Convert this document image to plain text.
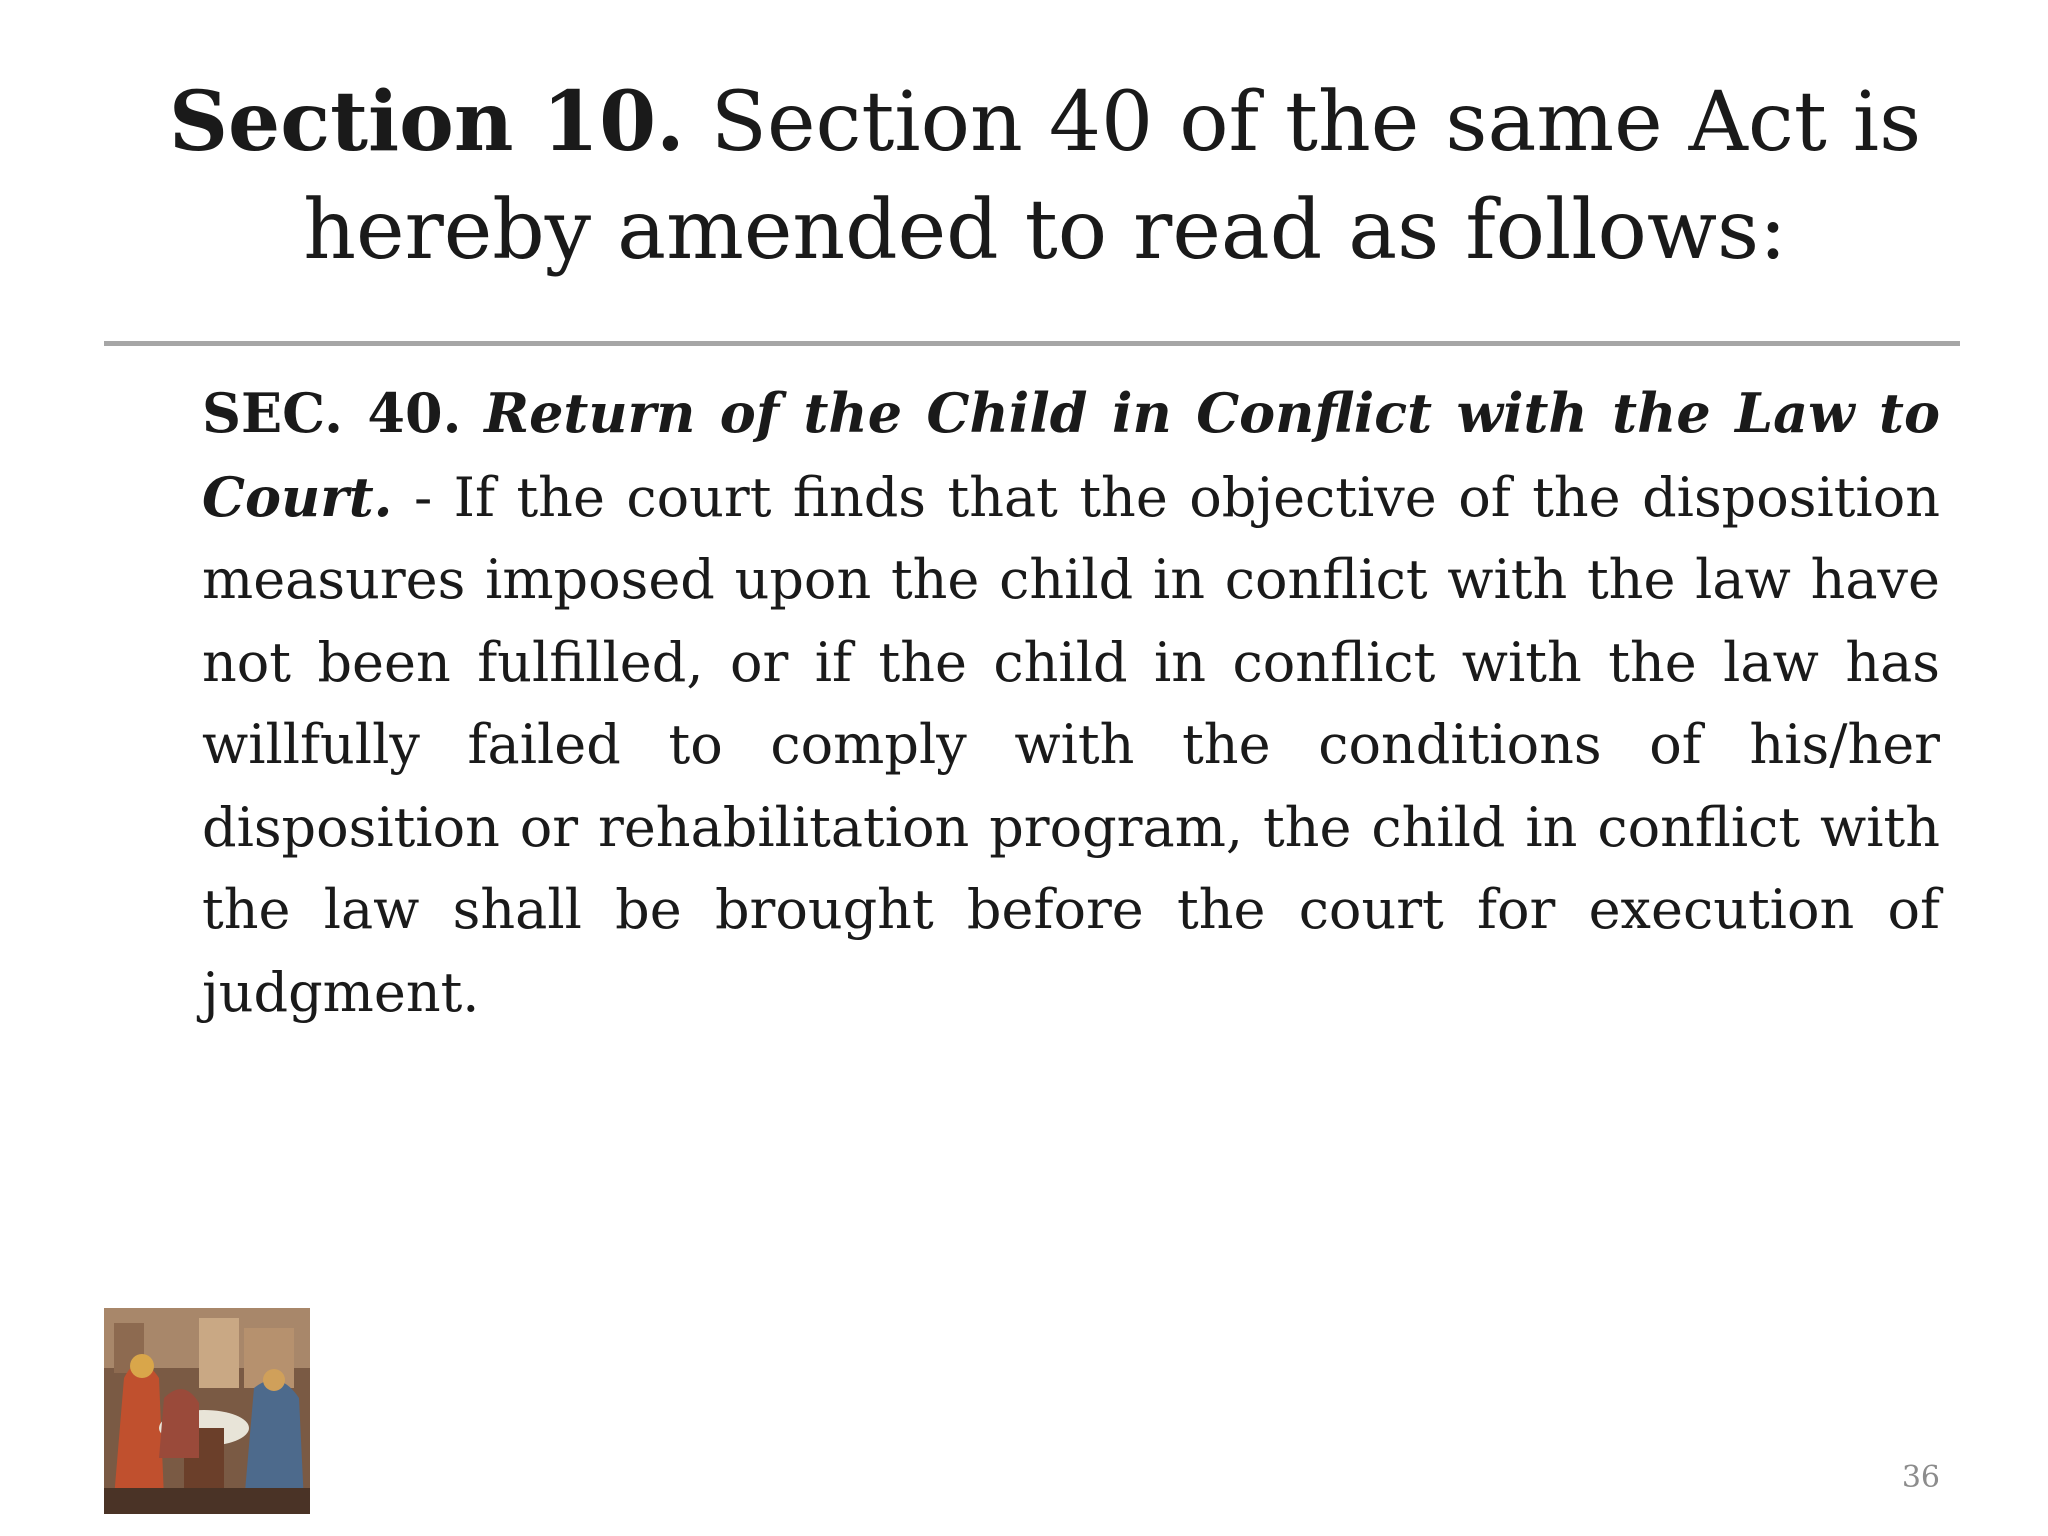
Section 10. Section 40 of the same Act is hereby amended to read as follows:

SEC. 40. Return of the Child in Conflict with the Law to Court. - If the court finds that the objective of the disposition measures imposed upon the child in conflict with the law have not been fulfilled, or if the child in conflict with the law has willfully failed to comply with the conditions of his/her disposition or rehabilitation program, the child in conflict with the law shall be brought before the court for execution of judgment.

36
